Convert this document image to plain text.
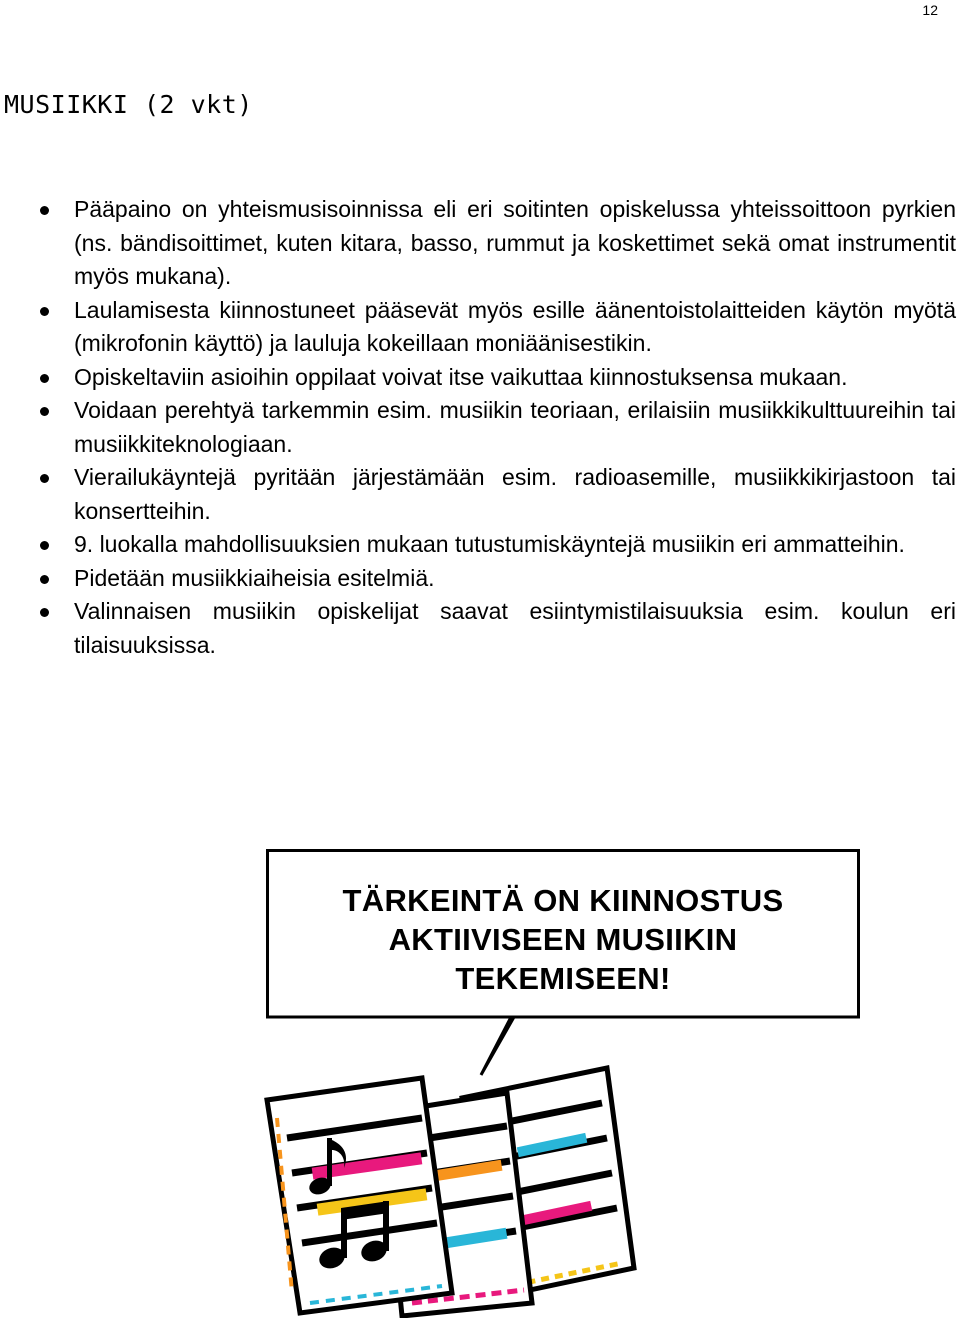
12
MUSIIKKI (2 vkt)
Pääpaino on yhteismusisoinnissa eli eri soitinten opiskelussa yhteissoittoon pyrkien (ns. bändisoittimet, kuten kitara, basso, rummut ja koskettimet sekä omat instrumentit myös mukana).
Laulamisesta kiinnostuneet pääsevät myös esille äänentoistolaitteiden käytön myötä (mikrofonin käyttö) ja lauluja kokeillaan moniäänisestikin.
Opiskeltaviin asioihin oppilaat voivat itse vaikuttaa kiinnostuksensa mukaan.
Voidaan perehtyä tarkemmin esim. musiikin teoriaan, erilaisiin musiikkikulttuureihin tai musiikkiteknologiaan.
Vierailukäyntejä pyritään järjestämään esim. radioasemille, musiikkikirjastoon tai konsertteihin.
9. luokalla mahdollisuuksien mukaan tutustumiskäyntejä musiikin eri ammatteihin.
Pidetään musiikkiaiheisia esitelmiä.
Valinnaisen musiikin opiskelijat saavat esiintymistilaisuuksia esim. koulun eri tilaisuuksissa.
TÄRKEINTÄ ON KIINNOSTUS
AKTIIVISEEN MUSIIKIN
TEKEMISEEN!
